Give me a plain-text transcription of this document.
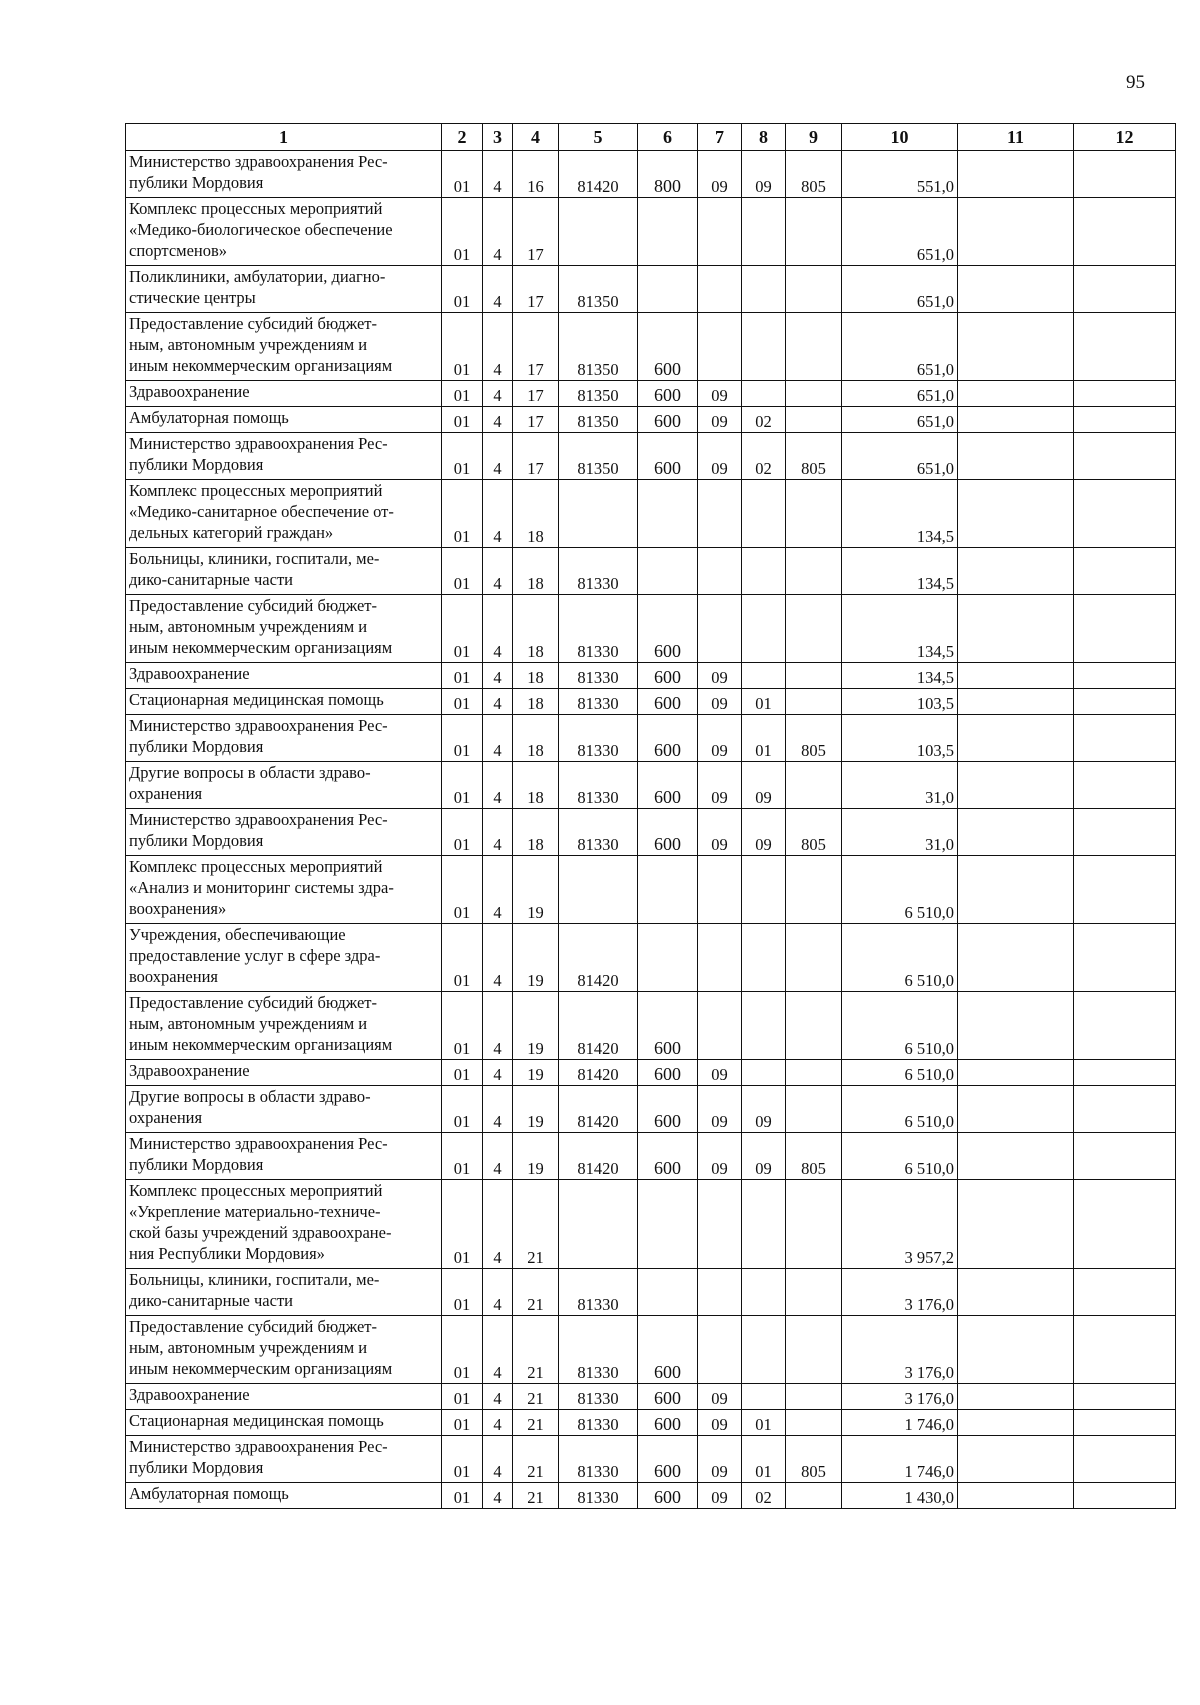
95
1	2	3	4	5	6	7	8	9	10	11	12
Министерство здравоохранения Рес-
публики Мордовия	01	4	16	81420	800	09	09	805	551,0		
Комплекс процессных мероприятий
«Медико-биологическое обеспечение
спортсменов»	01	4	17						651,0		
Поликлиники, амбулатории, диагно-
стические центры	01	4	17	81350					651,0		
Предоставление субсидий бюджет-
ным, автономным учреждениям и
иным некоммерческим организациям	01	4	17	81350	600				651,0		
Здравоохранение	01	4	17	81350	600	09			651,0		
Амбулаторная помощь	01	4	17	81350	600	09	02		651,0		
Министерство здравоохранения Рес-
публики Мордовия	01	4	17	81350	600	09	02	805	651,0		
Комплекс процессных мероприятий
«Медико-санитарное обеспечение от-
дельных категорий граждан»	01	4	18						134,5		
Больницы, клиники, госпитали, ме-
дико-санитарные части	01	4	18	81330					134,5		
Предоставление субсидий бюджет-
ным, автономным учреждениям и
иным некоммерческим организациям	01	4	18	81330	600				134,5		
Здравоохранение	01	4	18	81330	600	09			134,5		
Стационарная медицинская помощь	01	4	18	81330	600	09	01		103,5		
Министерство здравоохранения Рес-
публики Мордовия	01	4	18	81330	600	09	01	805	103,5		
Другие вопросы в области здраво-
охранения	01	4	18	81330	600	09	09		31,0		
Министерство здравоохранения Рес-
публики Мордовия	01	4	18	81330	600	09	09	805	31,0		
Комплекс процессных мероприятий
«Анализ и мониторинг системы здра-
воохранения»	01	4	19						6 510,0		
Учреждения, обеспечивающие
предоставление услуг в сфере здра-
воохранения	01	4	19	81420					6 510,0		
Предоставление субсидий бюджет-
ным, автономным учреждениям и
иным некоммерческим организациям	01	4	19	81420	600				6 510,0		
Здравоохранение	01	4	19	81420	600	09			6 510,0		
Другие вопросы в области здраво-
охранения	01	4	19	81420	600	09	09		6 510,0		
Министерство здравоохранения Рес-
публики Мордовия	01	4	19	81420	600	09	09	805	6 510,0		
Комплекс процессных мероприятий
«Укрепление материально-техниче-
ской базы учреждений здравоохране-
ния Республики Мордовия»	01	4	21						3 957,2		
Больницы, клиники, госпитали, ме-
дико-санитарные части	01	4	21	81330					3 176,0		
Предоставление субсидий бюджет-
ным, автономным учреждениям и
иным некоммерческим организациям	01	4	21	81330	600				3 176,0		
Здравоохранение	01	4	21	81330	600	09			3 176,0		
Стационарная медицинская помощь	01	4	21	81330	600	09	01		1 746,0		
Министерство здравоохранения Рес-
публики Мордовия	01	4	21	81330	600	09	01	805	1 746,0		
Амбулаторная помощь	01	4	21	81330	600	09	02		1 430,0		
